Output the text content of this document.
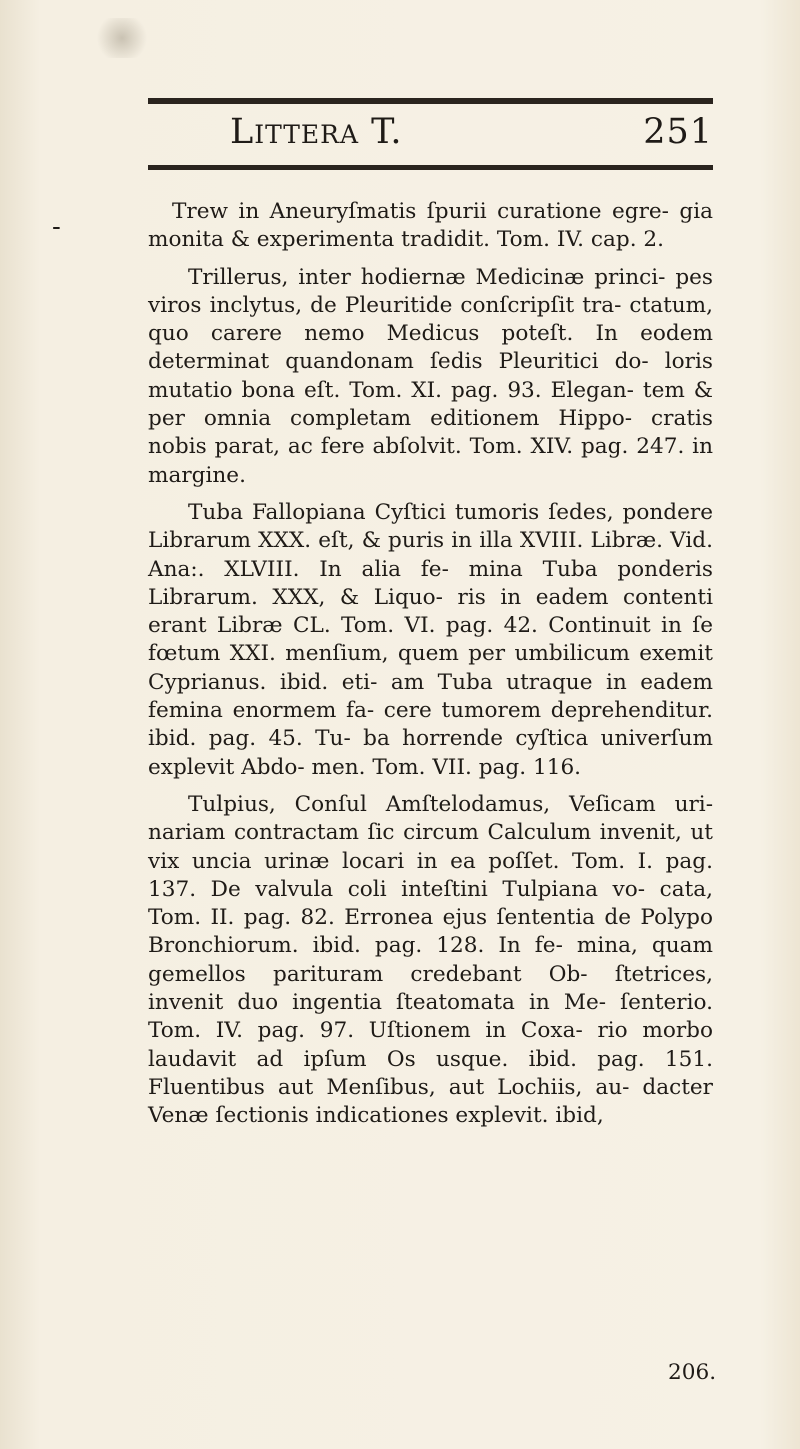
Littera T.	251
-

Trew in Aneuryſmatis ſpurii curatione egre- gia monita & experimenta tradidit. Tom. IV. cap. 2.

Trillerus, inter hodiernæ Medicinæ princi- pes viros inclytus, de Pleuritide conſcripſit tra- ctatum, quo carere nemo Medicus poteſt. In eodem determinat quandonam ſedis Pleuritici do- loris mutatio bona eſt. Tom. XI. pag. 93. Elegan- tem & per omnia completam editionem Hippo- cratis nobis parat, ac fere abſolvit. Tom. XIV. pag. 247. in margine.

Tuba Fallopiana Cyſtici tumoris ſedes, pondere Librarum XXX. eſt, & puris in illa XVIII. Libræ. Vid. Ana:. XLVIII. In alia fe- mina Tuba ponderis Librarum. XXX, & Liquo- ris in eadem contenti erant Libræ CL. Tom. VI. pag. 42. Continuit in ſe fœtum XXI. menſium, quem per umbilicum exemit Cyprianus. ibid. eti- am Tuba utraque in eadem femina enormem fa- cere tumorem deprehenditur. ibid. pag. 45. Tu- ba horrende cyſtica univerſum explevit Abdo- men. Tom. VII. pag. 116.

Tulpius, Conſul Amſtelodamus, Veſicam uri- nariam contractam ſic circum Calculum invenit, ut vix uncia urinæ locari in ea poſſet. Tom. I. pag. 137. De valvula coli inteſtini Tulpiana vo- cata, Tom. II. pag. 82. Erronea ejus ſententia de Polypo Bronchiorum. ibid. pag. 128. In fe- mina, quam gemellos parituram credebant Ob- ſtetrices, invenit duo ingentia ſteatomata in Me- ſenterio. Tom. IV. pag. 97. Uſtionem in Coxa- rio morbo laudavit ad ipſum Os usque. ibid. pag. 151. Fluentibus aut Menſibus, aut Lochiis, au- dacter Venæ ſectionis indicationes explevit. ibid,

206.
